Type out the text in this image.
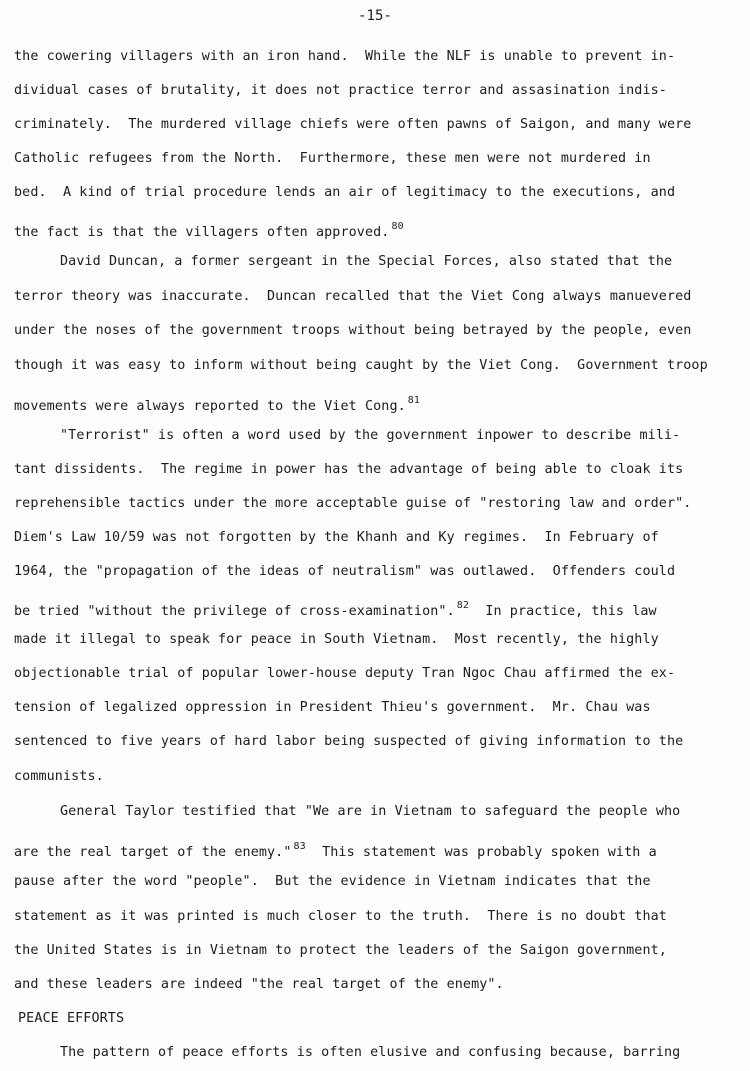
-15-
the cowering villagers with an iron hand.  While the NLF is unable to prevent in-
dividual cases of brutality, it does not practice terror and assasination indis-
criminately.  The murdered village chiefs were often pawns of Saigon, and many were
Catholic refugees from the North.  Furthermore, these men were not murdered in
bed.  A kind of trial procedure lends an air of legitimacy to the executions, and
the fact is that the villagers often approved. $^{80}$
David Duncan, a former sergeant in the Special Forces, also stated that the
terror theory was inaccurate.  Duncan recalled that the Viet Cong always manuevered
under the noses of the government troops without being betrayed by the people, even
though it was easy to inform without being caught by the Viet Cong.  Government troop
movements were always reported to the Viet Cong. $^{81}$
"Terrorist" is often a word used by the government inpower to describe mili-
tant dissidents.  The regime in power has the advantage of being able to cloak its
reprehensible tactics under the more acceptable guise of "restoring law and order".
Diem's Law 10/59 was not forgotten by the Khanh and Ky regimes.  In February of
1964, the "propagation of the ideas of neutralism" was outlawed.  Offenders could
be tried "without the privilege of cross-examination". $^{82}$  In practice, this law
made it illegal to speak for peace in South Vietnam.  Most recently, the highly
objectionable trial of popular lower-house deputy Tran Ngoc Chau affirmed the ex-
tension of legalized oppression in President Thieu's government.  Mr. Chau was
sentenced to five years of hard labor being suspected of giving information to the
communists.
General Taylor testified that "We are in Vietnam to safeguard the people who
are the real target of the enemy." $^{83}$  This statement was probably spoken with a
pause after the word "people".  But the evidence in Vietnam indicates that the
statement as it was printed is much closer to the truth.  There is no doubt that
the United States is in Vietnam to protect the leaders of the Saigon government,
and these leaders are indeed "the real target of the enemy".
PEACE EFFORTS
The pattern of peace efforts is often elusive and confusing because, barring
